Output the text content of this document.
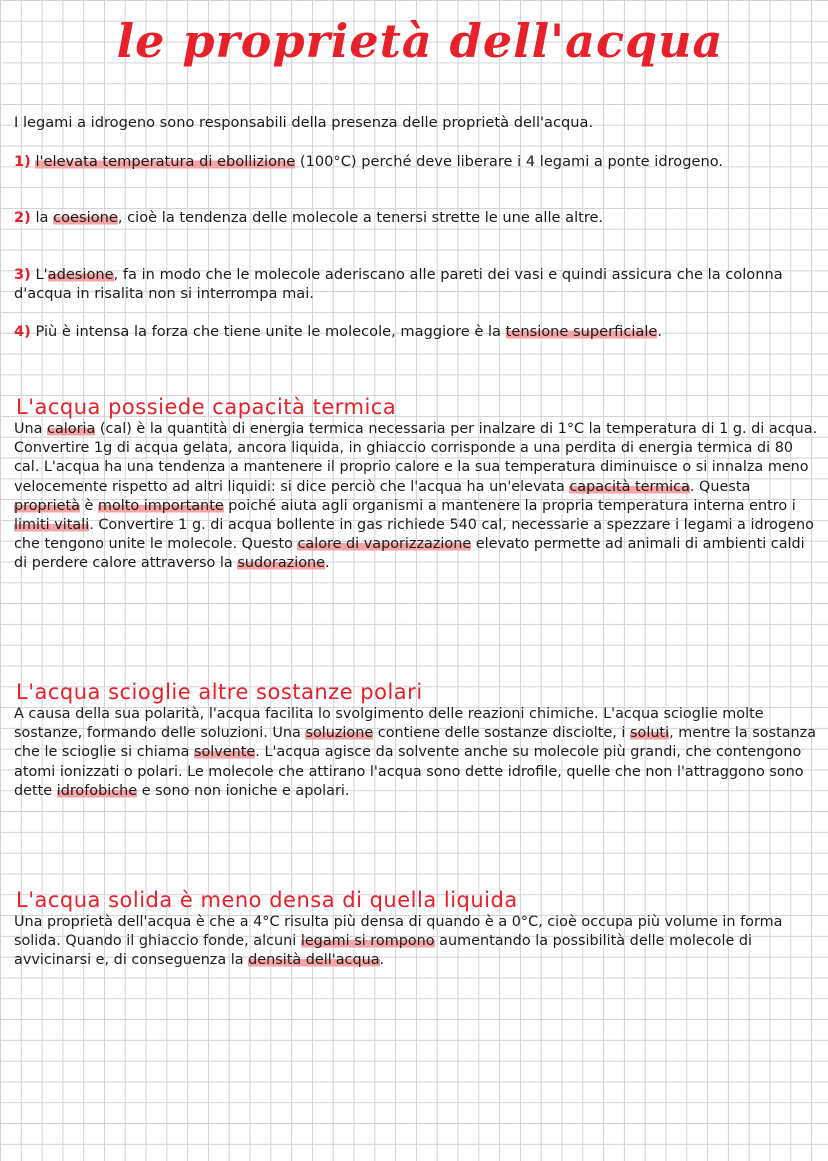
le proprietà dell'acqua
I legami a idrogeno sono responsabili della presenza delle proprietà dell'acqua.
1) l'elevata temperatura di ebollizione (100°C) perché deve liberare i 4 legami a ponte idrogeno.
2) la coesione, cioè la tendenza delle molecole a tenersi strette le une alle altre.
3) L'adesione, fa in modo che le molecole aderiscano alle pareti dei vasi e quindi assicura che la colonna d'acqua in risalita non si interrompa mai.
4) Più è intensa la forza che tiene unite le molecole, maggiore è la tensione superficiale.
L'acqua possiede capacità termica

Una caloria (cal) è la quantità di energia termica necessaria per inalzare di 1°C la temperatura di 1 g. di acqua. Convertire 1g di acqua gelata, ancora liquida, in ghiaccio corrisponde a una perdita di energia termica di 80 cal. L'acqua ha una tendenza a mantenere il proprio calore e la sua temperatura diminuisce o si innalza meno velocemente rispetto ad altri liquidi: si dice perciò che l'acqua ha un'elevata capacità termica. Questa proprietà è molto importante poiché aiuta agli organismi a mantenere la propria temperatura interna entro i limiti vitali. Convertire 1 g. di acqua bollente in gas richiede 540 cal, necessarie a spezzare i legami a idrogeno che tengono unite le molecole. Questo calore di vaporizzazione elevato permette ad animali di ambienti caldi di perdere calore attraverso la sudorazione.

L'acqua scioglie altre sostanze polari

A causa della sua polarità, l'acqua facilita lo svolgimento delle reazioni chimiche. L'acqua scioglie molte sostanze, formando delle soluzioni. Una soluzione contiene delle sostanze disciolte, i soluti, mentre la sostanza che le scioglie si chiama solvente. L'acqua agisce da solvente anche su molecole più grandi, che contengono atomi ionizzati o polari. Le molecole che attirano l'acqua sono dette idrofile, quelle che non l'attraggono sono dette idrofobiche e sono non ioniche e apolari.

L'acqua solida è meno densa di quella liquida

Una proprietà dell'acqua è che a 4°C risulta più densa di quando è a 0°C, cioè occupa più volume in forma solida. Quando il ghiaccio fonde, alcuni legami si rompono aumentando la possibilità delle molecole di avvicinarsi e, di conseguenza la densità dell'acqua.
